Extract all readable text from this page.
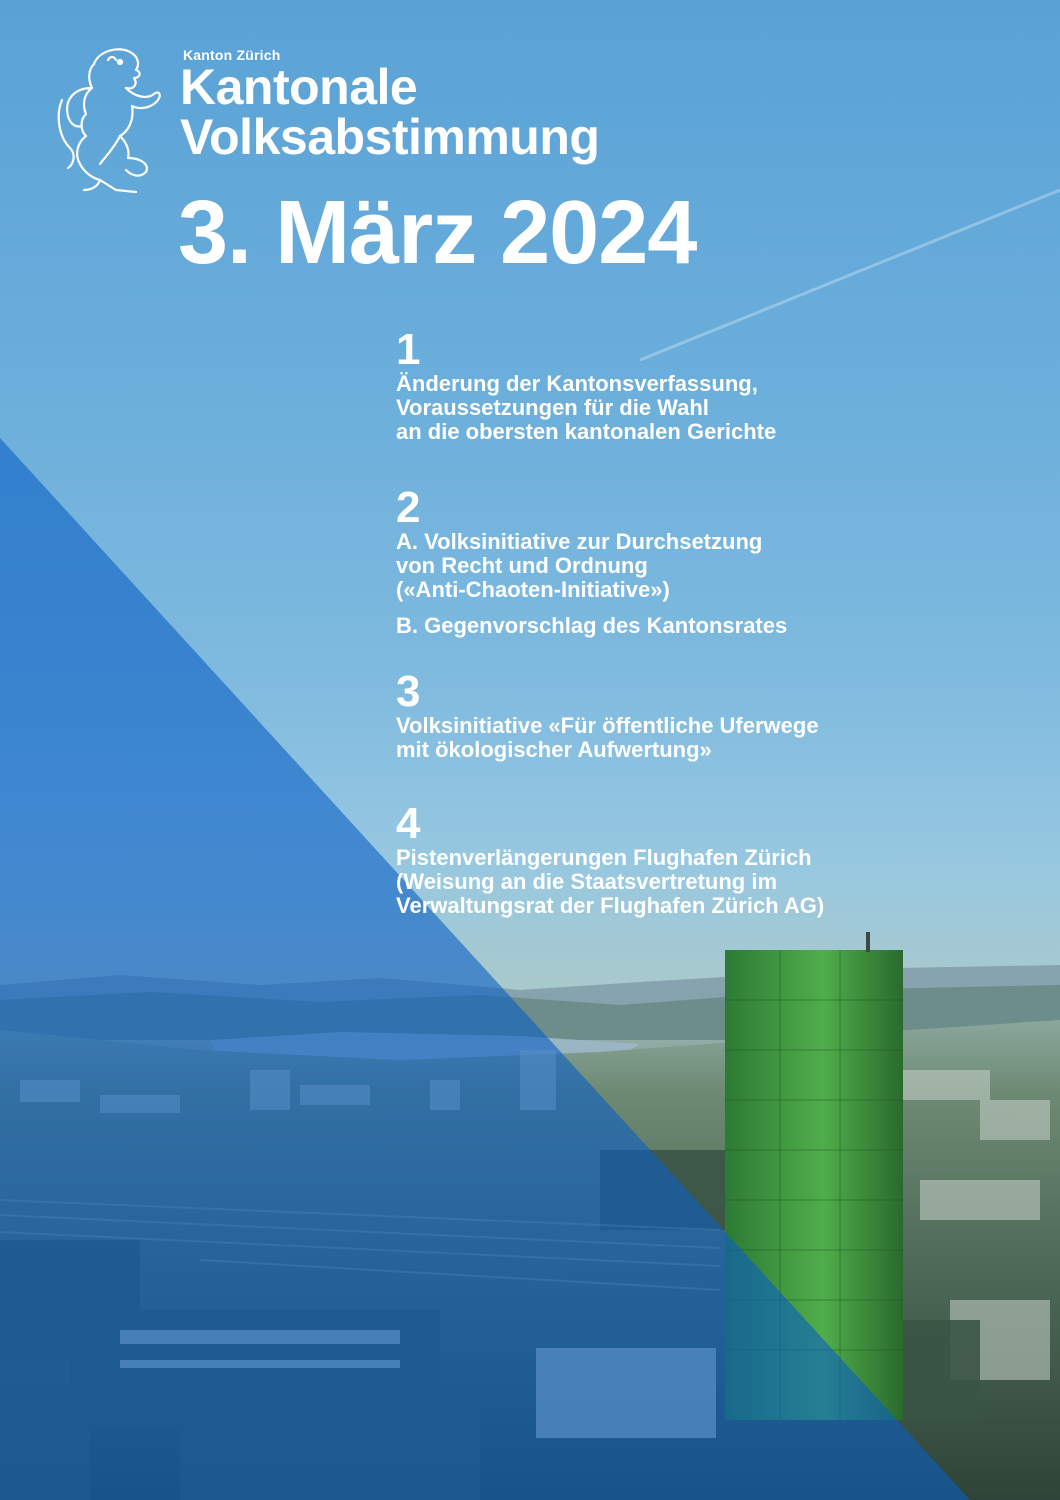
Kanton Zürich
Kantonale
Volksabstimmung
3. März 2024
1
Änderung der Kantonsverfassung,
Voraussetzungen für die Wahl
an die obersten kantonalen Gerichte
2
A. Volksinitiative zur Durchsetzung
von Recht und Ordnung
(«Anti-Chaoten-Initiative»)
B. Gegenvorschlag des Kantonsrates
3
Volksinitiative «Für öffentliche Uferwege
mit ökologischer Aufwertung»
4
Pistenverlängerungen Flughafen Zürich
(Weisung an die Staatsvertretung im
Verwaltungsrat der Flughafen Zürich AG)
